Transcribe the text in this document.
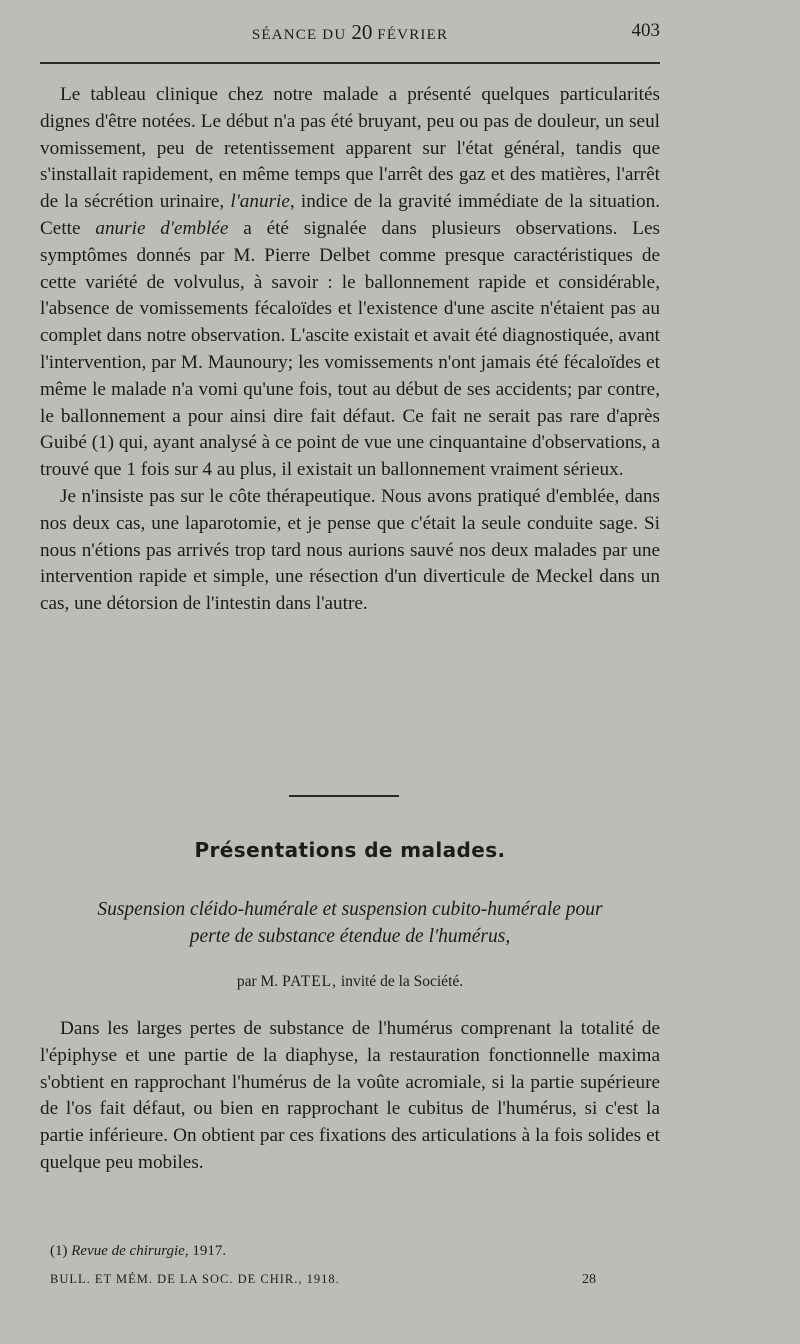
SÉANCE DU 20 FÉVRIER	403

Le tableau clinique chez notre malade a présenté quelques particularités dignes d'être notées. Le début n'a pas été bruyant, peu ou pas de douleur, un seul vomissement, peu de retentissement apparent sur l'état général, tandis que s'installait rapidement, en même temps que l'arrêt des gaz et des matières, l'arrêt de la sécrétion urinaire, l'anurie, indice de la gravité immédiate de la situation. Cette anurie d'emblée a été signalée dans plusieurs observations. Les symptômes donnés par M. Pierre Delbet comme presque caractéristiques de cette variété de volvulus, à savoir : le ballonnement rapide et considérable, l'absence de vomissements fécaloïdes et l'existence d'une ascite n'étaient pas au complet dans notre observation. L'ascite existait et avait été diagnostiquée, avant l'intervention, par M. Maunoury; les vomissements n'ont jamais été fécaloïdes et même le malade n'a vomi qu'une fois, tout au début de ses accidents; par contre, le ballonnement a pour ainsi dire fait défaut. Ce fait ne serait pas rare d'après Guibé (1) qui, ayant analysé à ce point de vue une cinquantaine d'observations, a trouvé que 1 fois sur 4 au plus, il existait un ballonnement vraiment sérieux.

Je n'insiste pas sur le côte thérapeutique. Nous avons pratiqué d'emblée, dans nos deux cas, une laparotomie, et je pense que c'était la seule conduite sage. Si nous n'étions pas arrivés trop tard nous aurions sauvé nos deux malades par une intervention rapide et simple, une résection d'un diverticule de Meckel dans un cas, une détorsion de l'intestin dans l'autre.

Présentations de malades.
Suspension cléido-humérale et suspension cubito-humérale pour
perte de substance étendue de l'humérus,
par M. PATEL, invité de la Société.

Dans les larges pertes de substance de l'humérus comprenant la totalité de l'épiphyse et une partie de la diaphyse, la restauration fonctionnelle maxima s'obtient en rapprochant l'humérus de la voûte acromiale, si la partie supérieure de l'os fait défaut, ou bien en rapprochant le cubitus de l'humérus, si c'est la partie inférieure. On obtient par ces fixations des articulations à la fois solides et quelque peu mobiles.

(1) Revue de chirurgie, 1917.
BULL. ET MÉM. DE LA SOC. DE CHIR., 1918.	28
